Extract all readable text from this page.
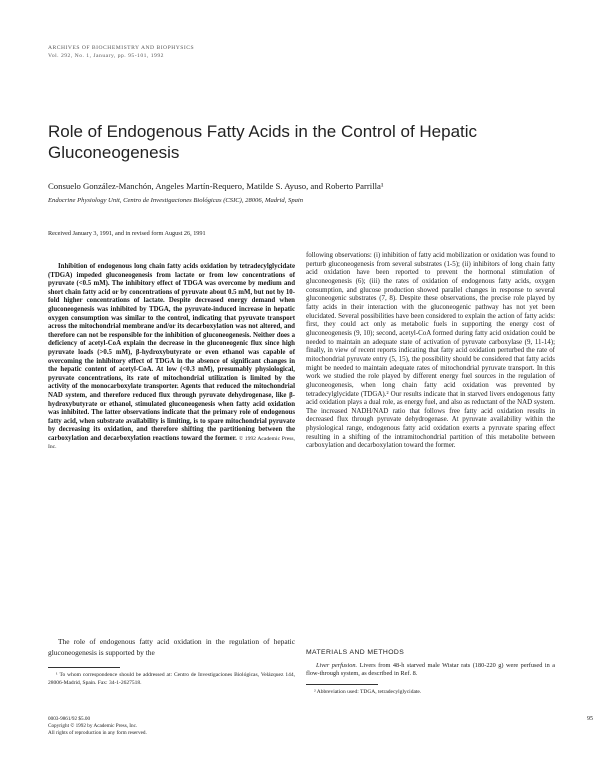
ARCHIVES OF BIOCHEMISTRY AND BIOPHYSICS
Vol. 292, No. 1, January, pp. 95-101, 1992
Role of Endogenous Fatty Acids in the Control of Hepatic Gluconeogenesis
Consuelo González-Manchón, Angeles Martín-Requero, Matilde S. Ayuso, and Roberto Parrilla¹
Endocrine Physiology Unit, Centro de Investigaciones Biológicas (CSIC), 28006, Madrid, Spain
Received January 3, 1991, and in revised form August 26, 1991
Inhibition of endogenous long chain fatty acids oxidation by tetradecylglycidate (TDGA) impeded gluconeogenesis from lactate or from low concentrations of pyruvate (<0.5 mM). The inhibitory effect of TDGA was overcome by medium and short chain fatty acid or by concentrations of pyruvate about 0.5 mM, but not by 10-fold higher concentrations of lactate. Despite decreased energy demand when gluconeogenesis was inhibited by TDGA, the pyruvate-induced increase in hepatic oxygen consumption was similar to the control, indicating that pyruvate transport across the mitochondrial membrane and/or its decarboxylation was not altered, and therefore can not be responsible for the inhibition of gluconeogenesis. Neither does a deficiency of acetyl-CoA explain the decrease in the gluconeogenic flux since high pyruvate loads (>0.5 mM), β-hydroxybutyrate or even ethanol was capable of overcoming the inhibitory effect of TDGA in the absence of significant changes in the hepatic content of acetyl-CoA. At low (<0.3 mM), presumably physiological, pyruvate concentrations, its rate of mitochondrial utilization is limited by the activity of the monocarboxylate transporter. Agents that reduced the mitochondrial NAD system, and therefore reduced flux through pyruvate dehydrogenase, like β-hydroxybutyrate or ethanol, stimulated gluconeogenesis when fatty acid oxidation was inhibited. The latter observations indicate that the primary role of endogenous fatty acid, when substrate availability is limiting, is to spare mitochondrial pyruvate by decreasing its oxidation, and therefore shifting the partitioning between the carboxylation and decarboxylation reactions toward the former. © 1992 Academic Press, Inc.
The role of endogenous fatty acid oxidation in the regulation of hepatic gluconeogenesis is supported by the
¹ To whom correspondence should be addressed at: Centro de Investigaciones Biológicas, Velázquez 144, 28006-Madrid, Spain. Fax: 34-1-2627518.
0003-9861/92 $5.00
Copyright © 1992 by Academic Press, Inc.
All rights of reproduction in any form reserved.
95
following observations: (i) inhibition of fatty acid mobilization or oxidation was found to perturb gluconeogenesis from several substrates (1-5); (ii) inhibitors of long chain fatty acid oxidation have been reported to prevent the hormonal stimulation of gluconeogenesis (6); (iii) the rates of oxidation of endogenous fatty acids, oxygen consumption, and glucose production showed parallel changes in response to several gluconeogenic substrates (7, 8). Despite these observations, the precise role played by fatty acids in their interaction with the gluconeogenic pathway has not yet been elucidated. Several possibilities have been considered to explain the action of fatty acids: first, they could act only as metabolic fuels in supporting the energy cost of gluconeogenesis (9, 10); second, acetyl-CoA formed during fatty acid oxidation could be needed to maintain an adequate state of activation of pyruvate carboxylase (9, 11-14); finally, in view of recent reports indicating that fatty acid oxidation perturbed the rate of mitochondrial pyruvate entry (5, 15), the possibility should be considered that fatty acids might be needed to maintain adequate rates of mitochondrial pyruvate transport. In this work we studied the role played by different energy fuel sources in the regulation of gluconeogenesis, when long chain fatty acid oxidation was prevented by tetradecylglycidate (TDGA).² Our results indicate that in starved livers endogenous fatty acid oxidation plays a dual role, as energy fuel, and also as reductant of the NAD system. The increased NADH/NAD ratio that follows free fatty acid oxidation results in decreased flux through pyruvate dehydrogenase. At pyruvate availability within the physiological range, endogenous fatty acid oxidation exerts a pyruvate sparing effect resulting in a shifting of the intramitochondrial partition of this metabolite between carboxylation and decarboxylation toward the former.
MATERIALS AND METHODS
Liver perfusion. Livers from 48-h starved male Wistar rats (180-220 g) were perfused in a flow-through system, as described in Ref. 8.
² Abbreviation used: TDGA, tetradecylglycidate.
